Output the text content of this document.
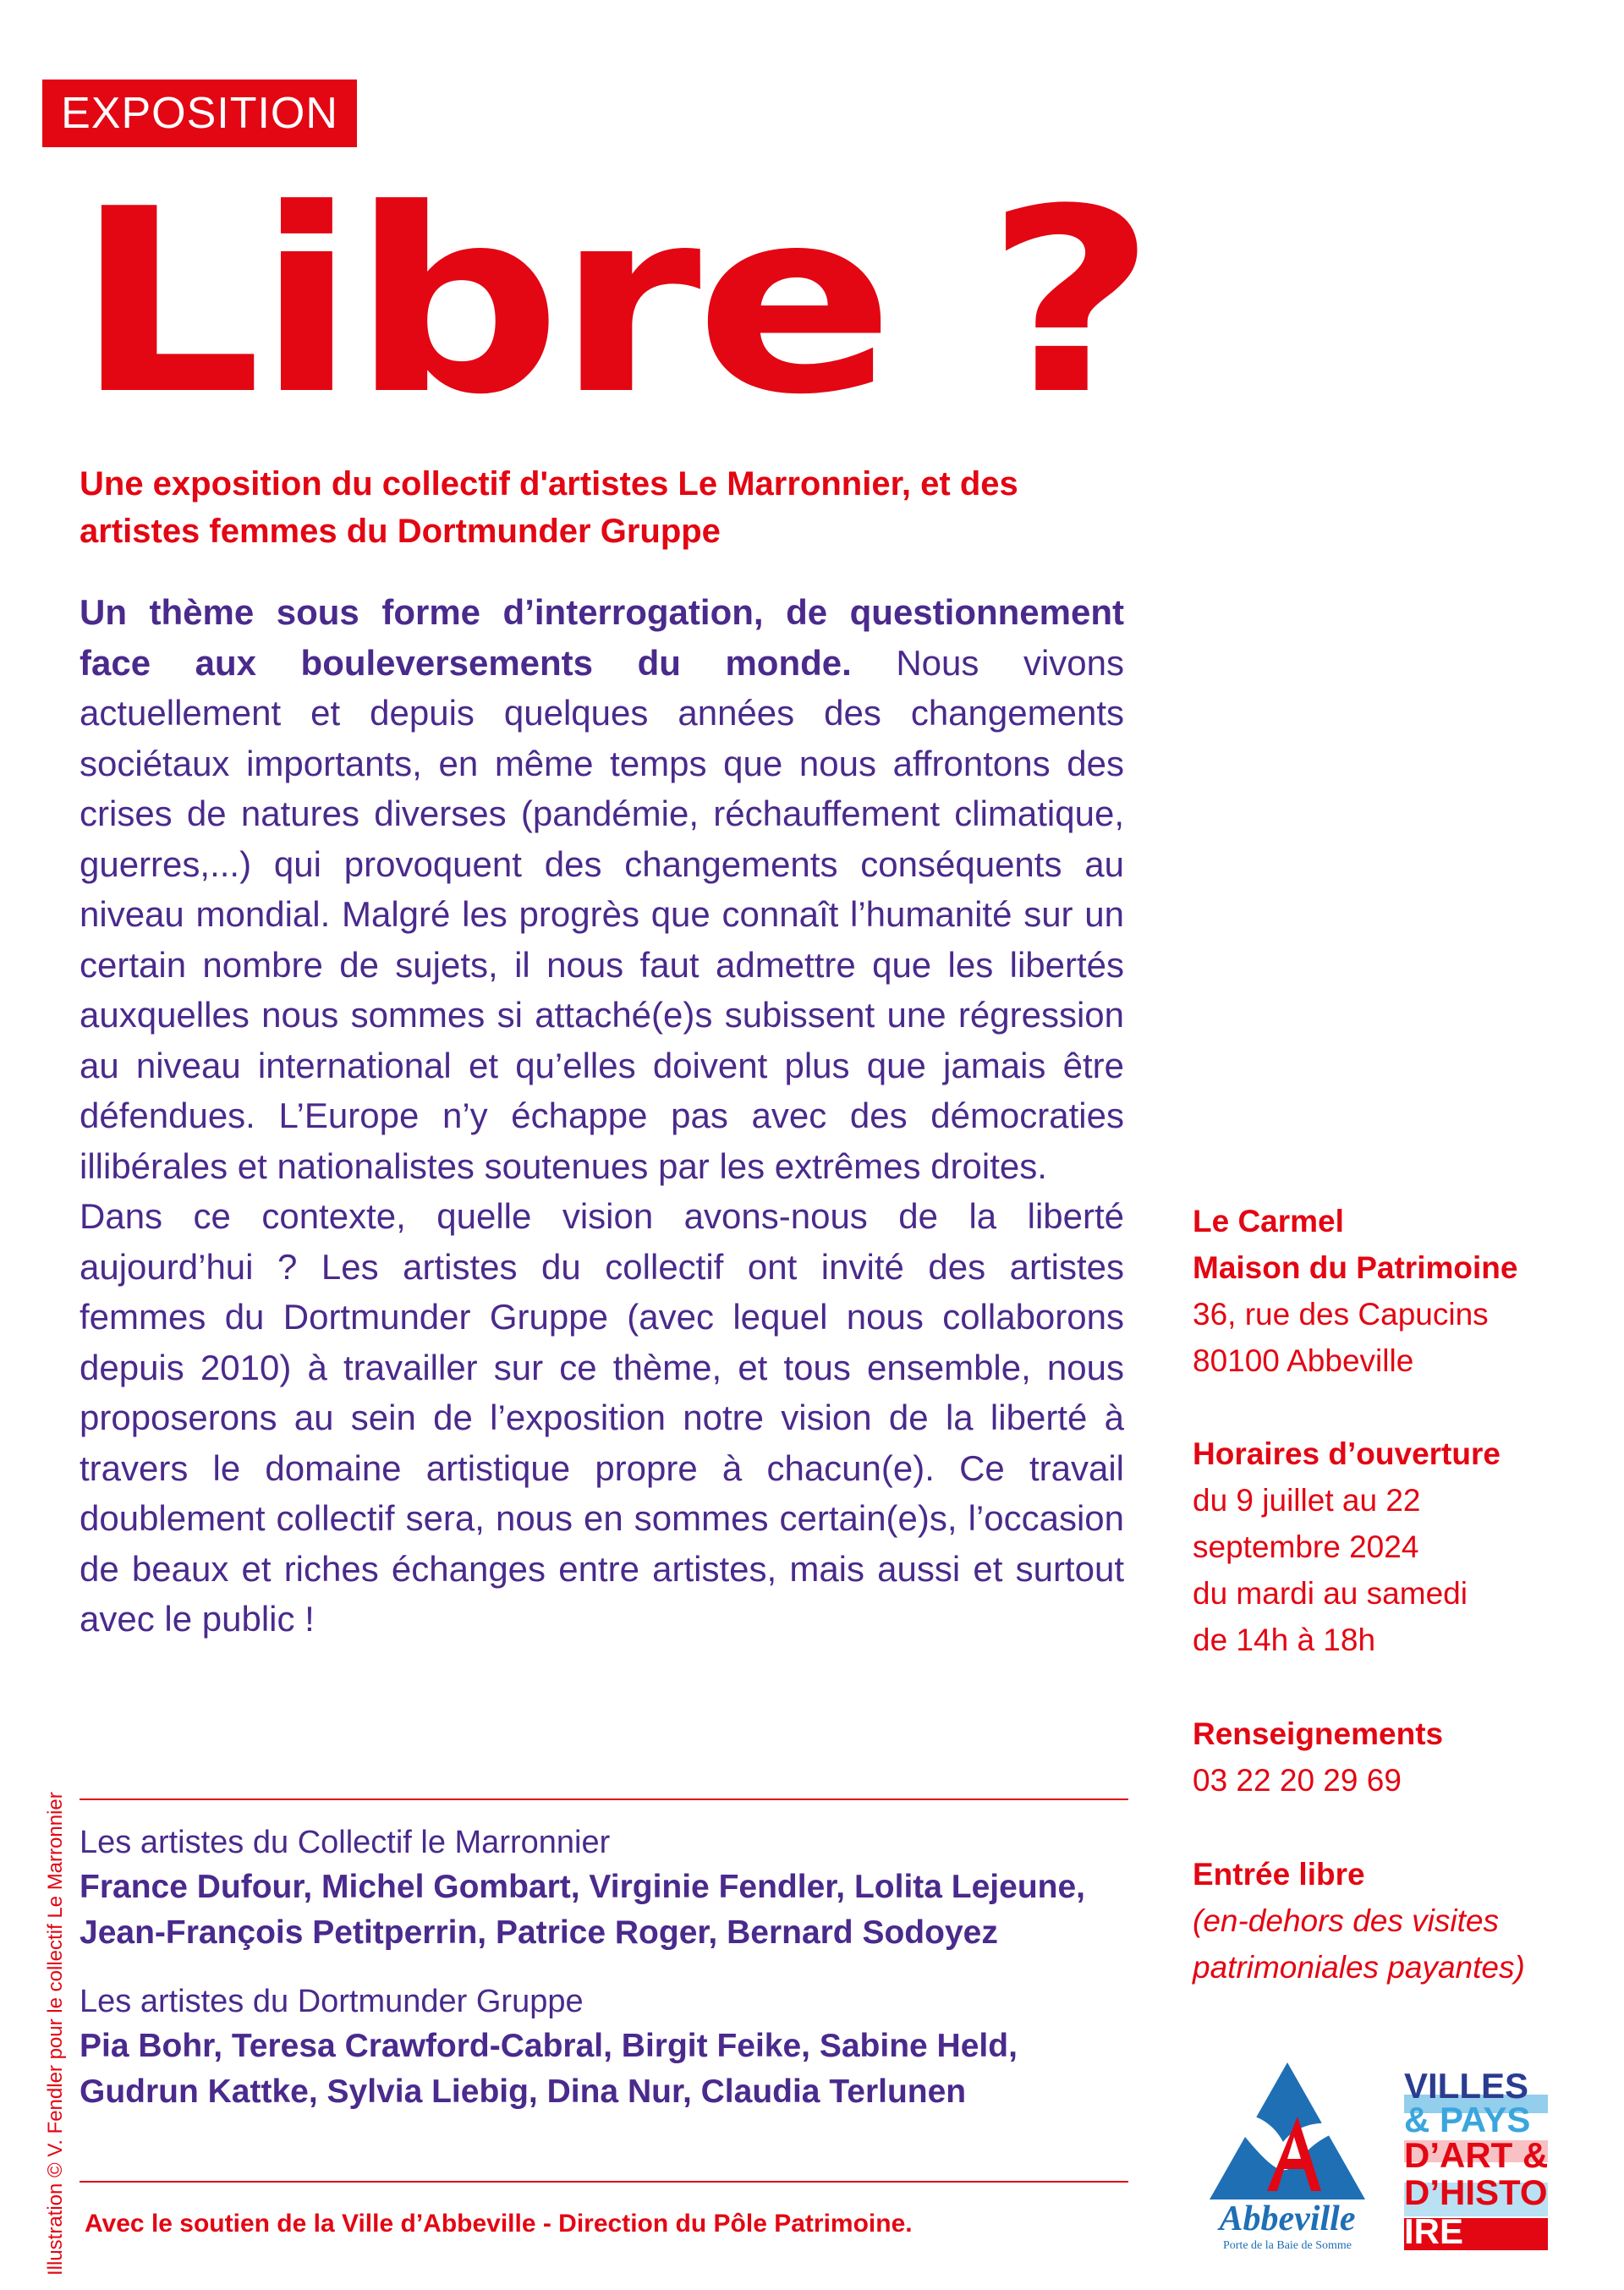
EXPOSITION
Libre ?
Une exposition du collectif d'artistes Le Marronnier, et des artistes femmes du Dortmunder Gruppe

Un thème sous forme d’interrogation, de questionnement face aux bouleversements du monde. Nous vivons actuellement et depuis quelques années des changements sociétaux importants, en même temps que nous affrontons des crises de natures diverses (pandémie, réchauffement climatique, guerres,...) qui provoquent des changements conséquents au niveau mondial. Malgré les progrès que connaît l’humanité sur un certain nombre de sujets, il nous faut admettre que les libertés auxquelles nous sommes si attaché(e)s subissent une régression au niveau international et qu’elles doivent plus que jamais être défendues. L’Europe n’y échappe pas avec des démocraties illibérales et nationalistes soutenues par les extrêmes droites.

Dans ce contexte, quelle vision avons-nous de la liberté aujourd’hui ? Les artistes du collectif ont invité des artistes femmes du Dortmunder Gruppe (avec lequel nous collaborons depuis 2010) à travailler sur ce thème, et tous ensemble, nous proposerons au sein de l’exposition notre vision de la liberté à travers le domaine artistique propre à chacun(e). Ce travail doublement collectif sera, nous en sommes certain(e)s, l’occasion de beaux et riches échanges entre artistes, mais aussi et surtout avec le public !

Les artistes du Collectif le Marronnier
France Dufour, Michel Gombart, Virginie Fendler, Lolita Lejeune, Jean-François Petitperrin, Patrice Roger, Bernard Sodoyez
Les artistes du Dortmunder Gruppe
Pia Bohr, Teresa Crawford-Cabral, Birgit Feike, Sabine Held, Gudrun Kattke, Sylvia Liebig, Dina Nur, Claudia Terlunen
Avec le soutien de la Ville d’Abbeville - Direction du Pôle Patrimoine.
Illustration © V. Fendler pour le collectif Le Marronnier
Le Carmel
Maison du Patrimoine
36, rue des Capucins
80100 Abbeville
Horaires d’ouverture
du 9 juillet au 22 septembre 2024
du mardi au samedi
de 14h à 18h
Renseignements
03 22 20 29 69
Entrée libre
(en-dehors des visites patrimoniales payantes)
Abbeville
Porte de la Baie de Somme
VILLES
& PAYS
D’ART &
D’HISTO
IRE
